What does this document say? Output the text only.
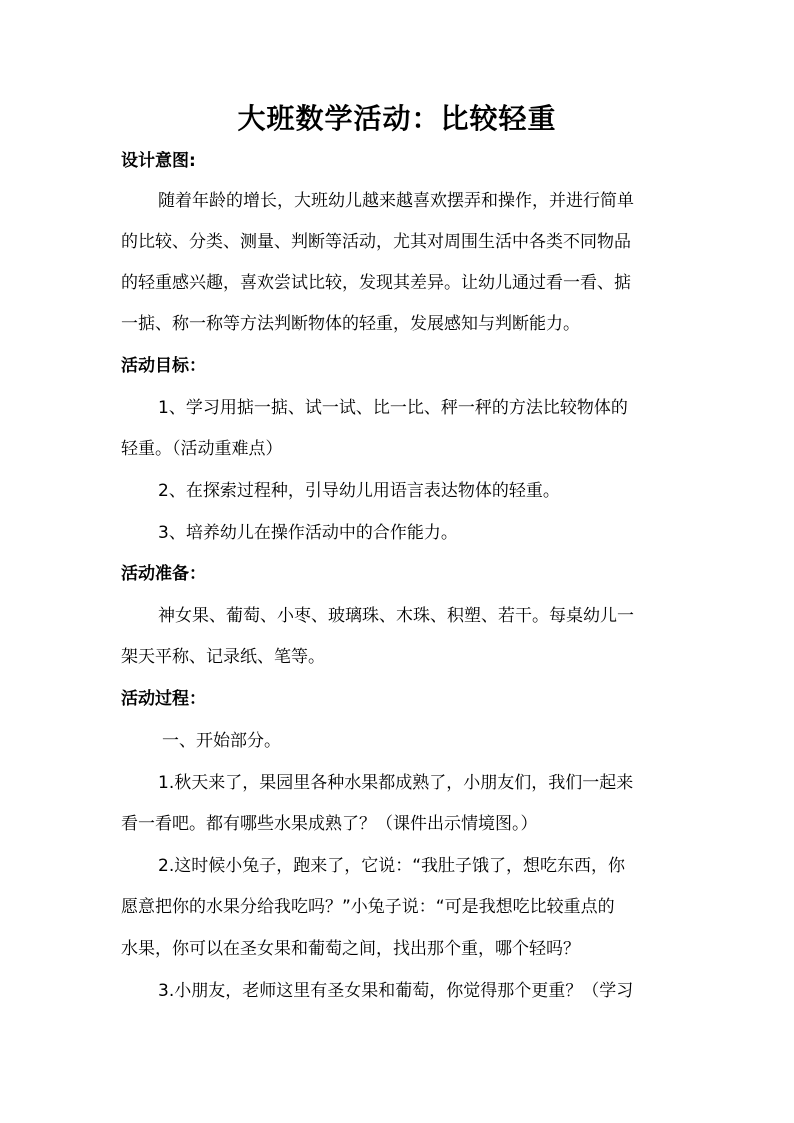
大班数学活动：比较轻重
设计意图:
随着年龄的增长，大班幼儿越来越喜欢摆弄和操作，并进行简单
的比较、分类、测量、判断等活动，尤其对周围生活中各类不同物品
的轻重感兴趣，喜欢尝试比较，发现其差异。让幼儿通过看一看、掂
一掂、称一称等方法判断物体的轻重，发展感知与判断能力。
活动目标：
1、学习用掂一掂、试一试、比一比、秤一秤的方法比较物体的
轻重。（活动重难点）
2、在探索过程种，引导幼儿用语言表达物体的轻重。
3、培养幼儿在操作活动中的合作能力。
活动准备：
神女果、葡萄、小枣、玻璃珠、木珠、积塑、若干。每桌幼儿一
架天平称、记录纸、笔等。
活动过程：
一、开始部分。
1.秋天来了，果园里各种水果都成熟了，小朋友们，我们一起来
看一看吧。都有哪些水果成熟了？（课件出示情境图。）
2.这时候小兔子，跑来了，它说：“我肚子饿了，想吃东西，你
愿意把你的水果分给我吃吗？”小兔子说：“可是我想吃比较重点的
水果，你可以在圣女果和葡萄之间，找出那个重，哪个轻吗？
3.小朋友，老师这里有圣女果和葡萄，你觉得那个更重？（学习
